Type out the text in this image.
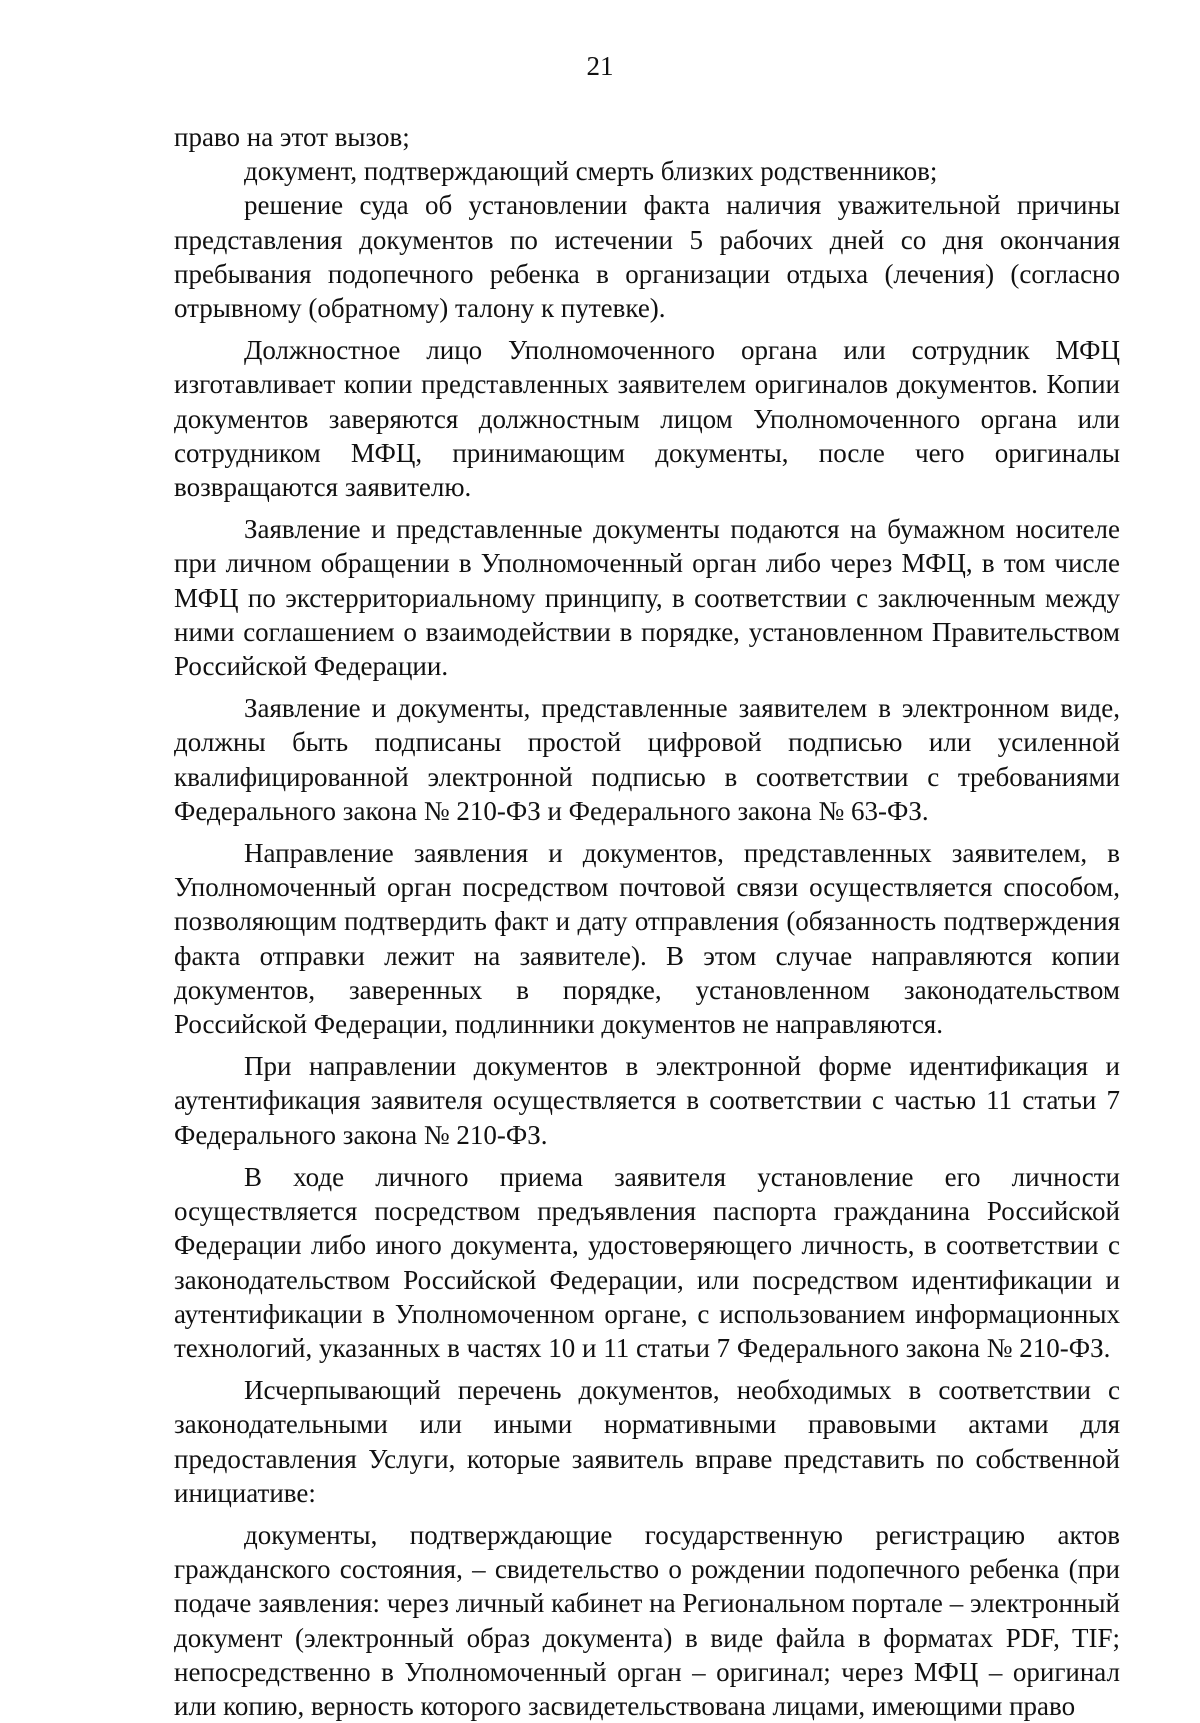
21

право на этот вызов;

документ, подтверждающий смерть близких родственников;

решение суда об установлении факта наличия уважительной причины представления документов по истечении 5 рабочих дней со дня окончания пребывания подопечного ребенка в организации отдыха (лечения) (согласно отрывному (обратному) талону к путевке).

Должностное лицо Уполномоченного органа или сотрудник МФЦ изготавливает копии представленных заявителем оригиналов документов. Копии документов заверяются должностным лицом Уполномоченного органа или сотрудником МФЦ, принимающим документы, после чего оригиналы возвращаются заявителю.

Заявление и представленные документы подаются на бумажном носителе при личном обращении в Уполномоченный орган либо через МФЦ, в том числе МФЦ по экстерриториальному принципу, в соответствии с заключенным между ними соглашением о взаимодействии в порядке, установленном Правительством Российской Федерации.

Заявление и документы, представленные заявителем в электронном виде, должны быть подписаны простой цифровой подписью или усиленной квалифицированной электронной подписью в соответствии с требованиями Федерального закона № 210-ФЗ и Федерального закона № 63-ФЗ.

Направление заявления и документов, представленных заявителем, в Уполномоченный орган посредством почтовой связи осуществляется способом, позволяющим подтвердить факт и дату отправления (обязанность подтверждения факта отправки лежит на заявителе). В этом случае направляются копии документов, заверенных в порядке, установленном законодательством Российской Федерации, подлинники документов не направляются.

При направлении документов в электронной форме идентификация и аутентификация заявителя осуществляется в соответствии с частью 11 статьи 7 Федерального закона № 210-ФЗ.

В ходе личного приема заявителя установление его личности осуществляется посредством предъявления паспорта гражданина Российской Федерации либо иного документа, удостоверяющего личность, в соответствии с законодательством Российской Федерации, или посредством идентификации и аутентификации в Уполномоченном органе, с использованием информационных технологий, указанных в частях 10 и 11 статьи 7 Федерального закона № 210-ФЗ.

Исчерпывающий перечень документов, необходимых в соответствии с законодательными или иными нормативными правовыми актами для предоставления Услуги, которые заявитель вправе представить по собственной инициативе:

документы, подтверждающие государственную регистрацию актов гражданского состояния, – свидетельство о рождении подопечного ребенка (при подаче заявления: через личный кабинет на Региональном портале – электронный документ (электронный образ документа) в виде файла в форматах PDF, TIF; непосредственно в Уполномоченный орган – оригинал; через МФЦ – оригинал или копию, верность которого засвидетельствована лицами, имеющими право
